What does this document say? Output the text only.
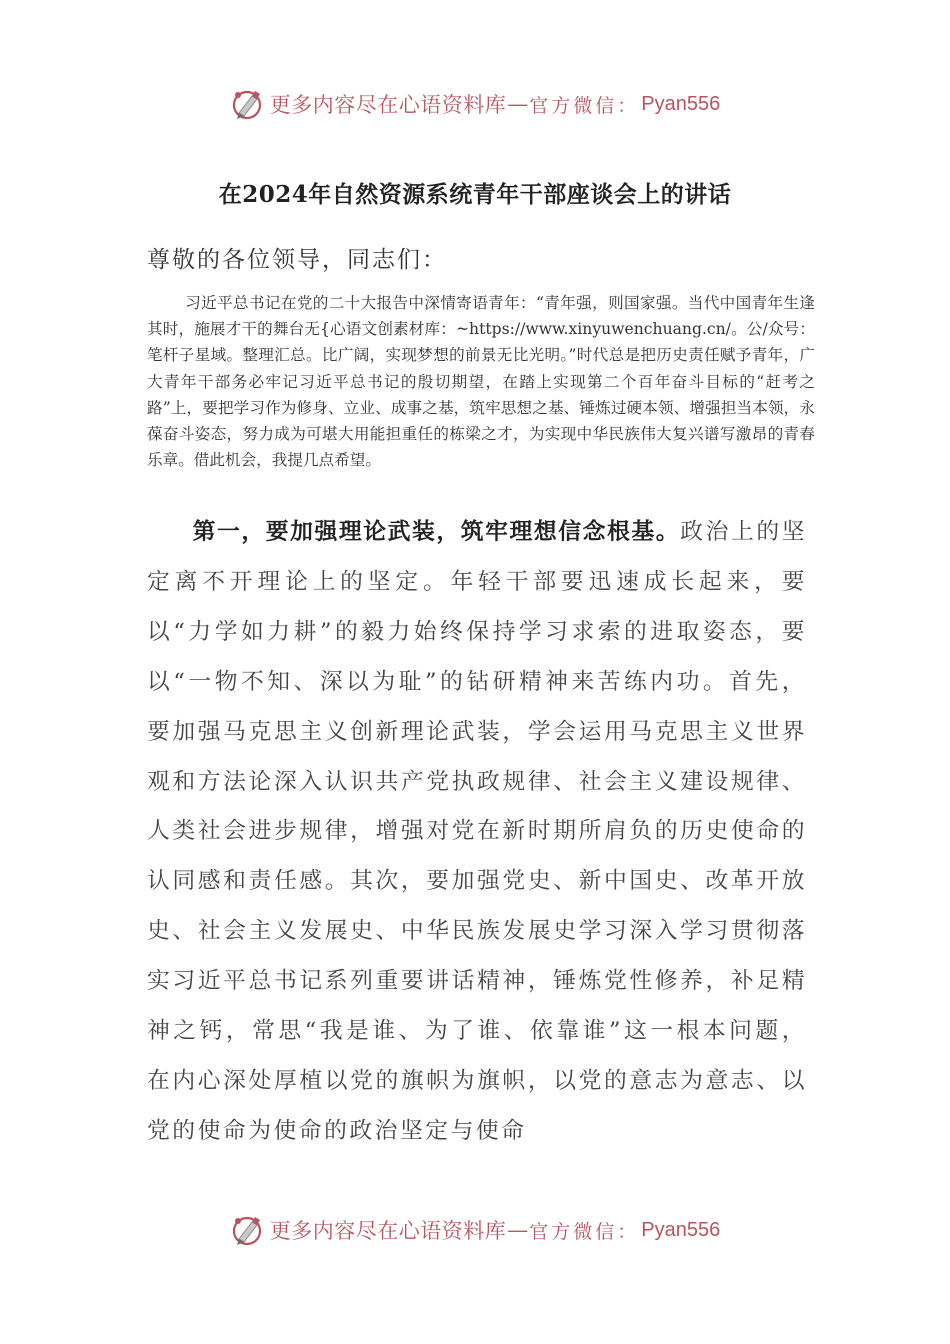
更多内容尽在心语资料库 — 官方微信： Pyan556
在2024年自然资源系统青年干部座谈会上的讲话
尊敬的各位领导，同志们：

习近平总书记在党的二十大报告中深情寄语青年：“青年强，则国家强。当代中国青年生逢其时，施展才干的舞台无{心语文创素材库：~https://www.xinyuwenchuang.cn/。公/众号：笔杆子星域。整理汇总。比广阔，实现梦想的前景无比光明。”时代总是把历史责任赋予青年，广大青年干部务必牢记习近平总书记的殷切期望，在踏上实现第二个百年奋斗目标的“赶考之路”上，要把学习作为修身、立业、成事之基，筑牢思想之基、锤炼过硬本领、增强担当本领，永葆奋斗姿态，努力成为可堪大用能担重任的栋梁之才，为实现中华民族伟大复兴谱写激昂的青春乐章。借此机会，我提几点希望。

第一，要加强理论武装，筑牢理想信念根基。政治上的坚定离不开理论上的坚定。年轻干部要迅速成长起来，要以“力学如力耕”的毅力始终保持学习求索的进取姿态，要以“一物不知、深以为耻”的钻研精神来苦练内功。首先，要加强马克思主义创新理论武装，学会运用马克思主义世界观和方法论深入认识共产党执政规律、社会主义建设规律、人类社会进步规律，增强对党在新时期所肩负的历史使命的认同感和责任感。其次，要加强党史、新中国史、改革开放史、社会主义发展史、中华民族发展史学习深入学习贯彻落实习近平总书记系列重要讲话精神，锤炼党性修养，补足精神之钙，常思“我是谁、为了谁、依靠谁”这一根本问题，在内心深处厚植以党的旗帜为旗帜，以党的意志为意志、以党的使命为使命的政治坚定与使命

更多内容尽在心语资料库 — 官方微信： Pyan556
